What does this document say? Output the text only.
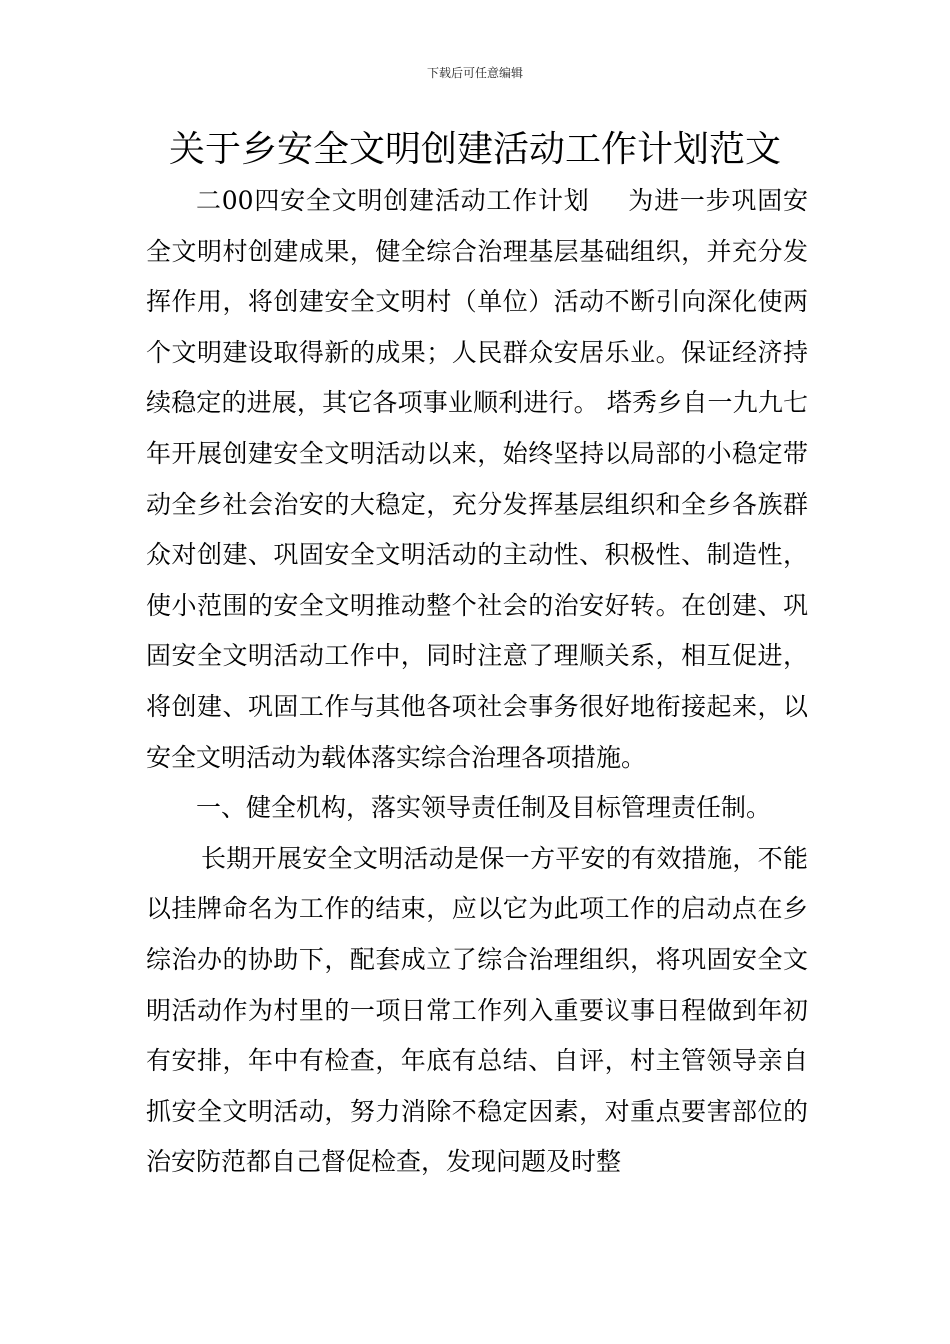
下载后可任意编辑
关于乡安全文明创建活动工作计划范文

二00四安全文明创建活动工作计划 为进一步巩固安全文明村创建成果，健全综合治理基层基础组织，并充分发挥作用，将创建安全文明村（单位）活动不断引向深化使两个文明建设取得新的成果；人民群众安居乐业。保证经济持续稳定的进展，其它各项事业顺利进行。 塔秀乡自一九九七年开展创建安全文明活动以来，始终坚持以局部的小稳定带动全乡社会治安的大稳定，充分发挥基层组织和全乡各族群众对创建、巩固安全文明活动的主动性、积极性、制造性，使小范围的安全文明推动整个社会的治安好转。在创建、巩固安全文明活动工作中，同时注意了理顺关系，相互促进，将创建、巩固工作与其他各项社会事务很好地衔接起来，以安全文明活动为载体落实综合治理各项措施。

一、健全机构，落实领导责任制及目标管理责任制。

长期开展安全文明活动是保一方平安的有效措施，不能以挂牌命名为工作的结束，应以它为此项工作的启动点在乡综治办的协助下，配套成立了综合治理组织，将巩固安全文明活动作为村里的一项日常工作列入重要议事日程做到年初有安排，年中有检查，年底有总结、自评，村主管领导亲自抓安全文明活动，努力消除不稳定因素，对重点要害部位的治安防范都自己督促检查，发现问题及时整
